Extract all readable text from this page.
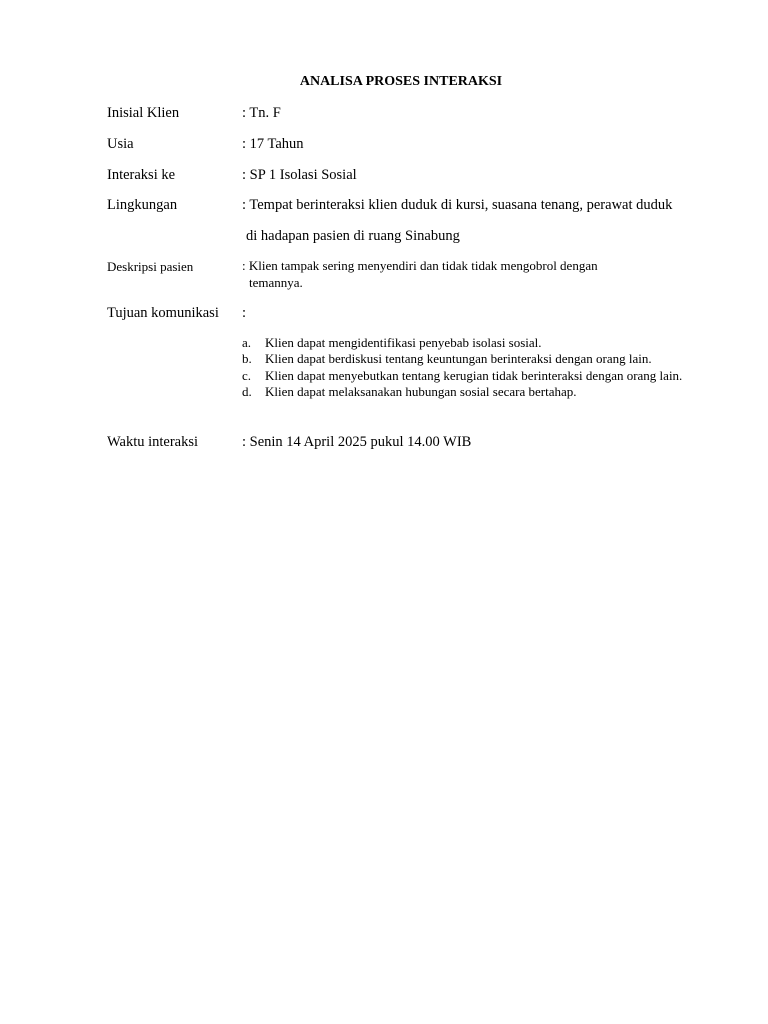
ANALISA PROSES INTERAKSI
Inisial Klien	: Tn. F
Usia	: 17 Tahun
Interaksi ke	: SP 1 Isolasi Sosial
Lingkungan	: Tempat berinteraksi klien duduk di kursi, suasana tenang, perawat duduk
di hadapan pasien di ruang Sinabung
Deskripsi pasien	: Klien tampak sering menyendiri dan tidak tidak mengobrol dengan
temannya.
Tujuan komunikasi :
a. Klien dapat mengidentifikasi penyebab isolasi sosial.
b. Klien dapat berdiskusi tentang keuntungan berinteraksi dengan orang lain.
c. Klien dapat menyebutkan tentang kerugian tidak berinteraksi dengan orang lain.
d. Klien dapat melaksanakan hubungan sosial secara bertahap.
Waktu interaksi	: Senin 14 April 2025 pukul 14.00 WIB
